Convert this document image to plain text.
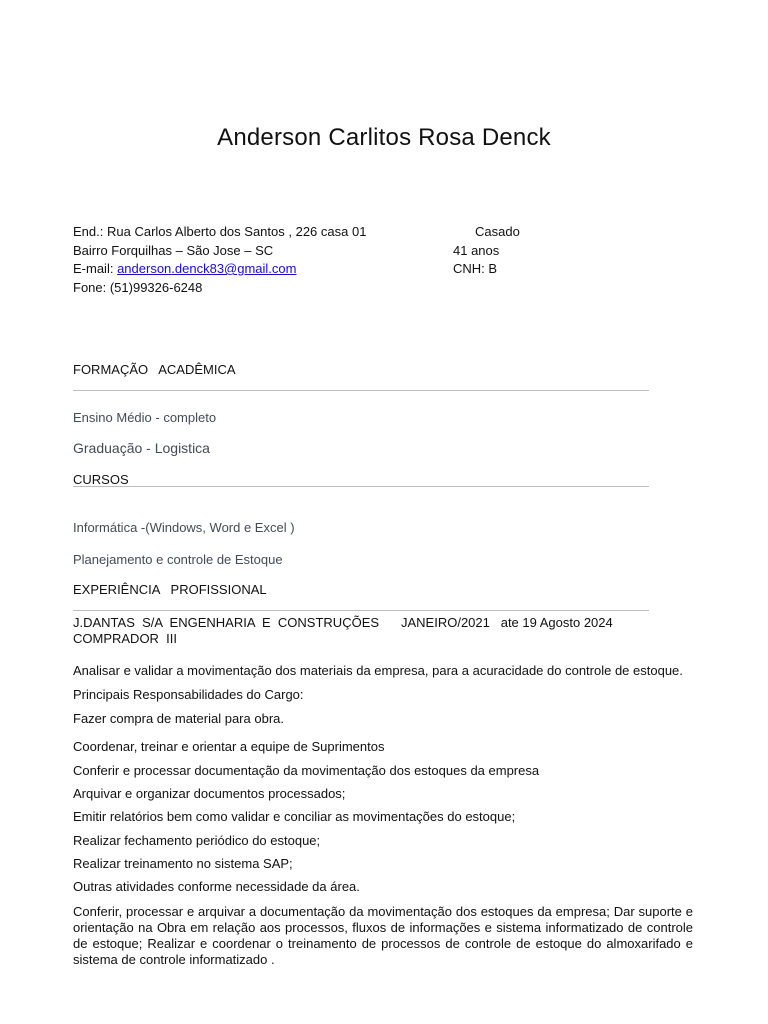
Anderson Carlitos Rosa Denck
End.: Rua Carlos Alberto dos Santos , 226 casa 01	Casado
Bairro Forquilhas – São Jose – SC	41 anos
E-mail: anderson.denck83@gmail.com	CNH: B
Fone: (51)99326-6248
FORMAÇÃO   ACADÊMICA
Ensino Médio - completo
Graduação - Logistica
CURSOS
Informática -(Windows, Word e Excel )
Planejamento e controle de Estoque
EXPERIÊNCIA   PROFISSIONAL
J.DANTAS  S/A  ENGENHARIA  E  CONSTRUÇÕES JANEIRO/2021   ate 19 Agosto 2024
COMPRADOR  III
Analisar e validar a movimentação dos materiais da empresa, para a acuracidade do controle de estoque.
Principais Responsabilidades do Cargo:
Fazer compra de material para obra.
Coordenar, treinar e orientar a equipe de Suprimentos
Conferir e processar documentação da movimentação dos estoques da empresa
Arquivar e organizar documentos processados;
Emitir relatórios bem como validar e conciliar as movimentações do estoque;
Realizar fechamento periódico do estoque;
Realizar treinamento no sistema SAP;
Outras atividades conforme necessidade da área.
Conferir, processar e arquivar a documentação da movimentação dos estoques da empresa; Dar suporte e orientação na Obra em relação aos processos, fluxos de informações e sistema informatizado de controle de estoque; Realizar e coordenar o treinamento de processos de controle de estoque do almoxarifado e sistema de controle informatizado .
